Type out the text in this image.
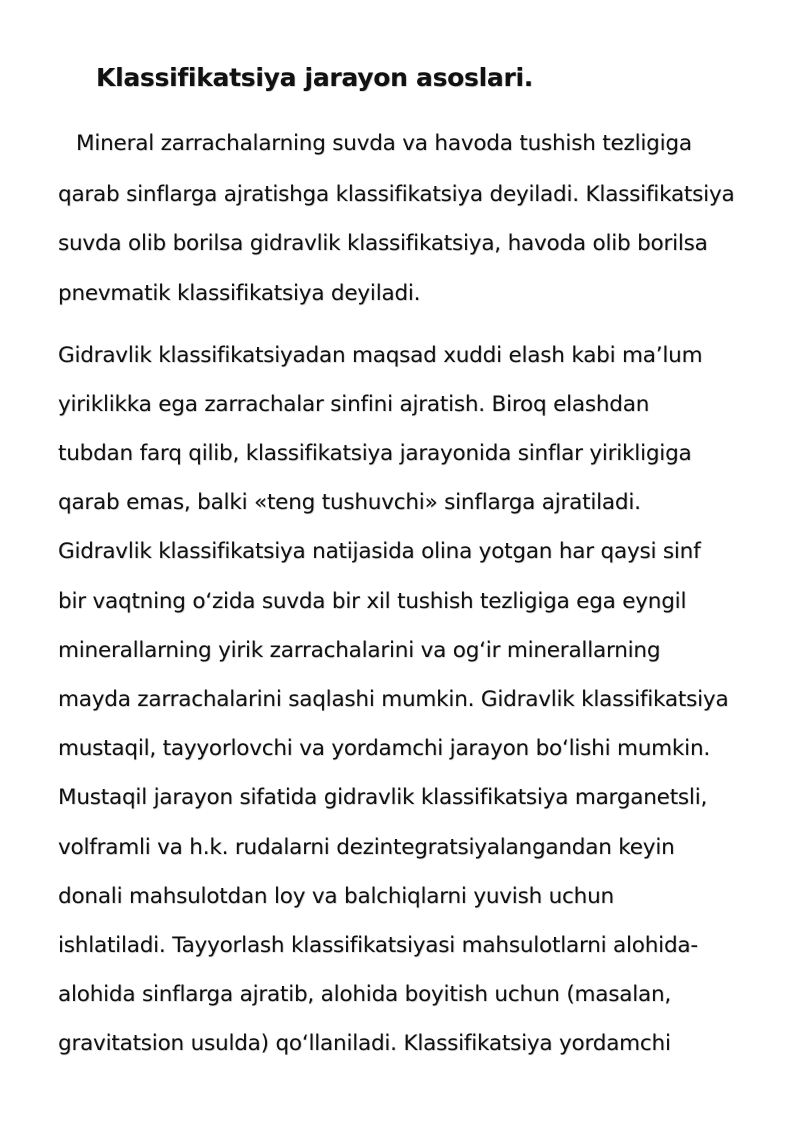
Klassifikatsiya jarayon asoslari.

Mineral zarrachalarning suvda va havoda tushish tezligiga

qarab sinflarga ajratishga klassifikatsiya deyiladi. Klassifikatsiya

suvda olib borilsa gidravlik klassifikatsiya, havoda olib borilsa

pnevmatik klassifikatsiya deyiladi.

Gidravlik klassifikatsiyadan maqsad xuddi elash kabi ma’lum

yiriklikka ega zarrachalar sinfini ajratish. Biroq elashdan

tubdan farq qilib, klassifikatsiya jarayonida sinflar yirikligiga

qarab emas, balki «teng tushuvchi» sinflarga ajratiladi.

Gidravlik klassifikatsiya natijasida olina yotgan har qaysi sinf

bir vaqtning o‘zida suvda bir xil tushish tezligiga ega eyngil

minerallarning yirik zarrachalarini va og‘ir minerallarning

mayda zarrachalarini saqlashi mumkin. Gidravlik klassifikatsiya

mustaqil, tayyorlovchi va yordamchi jarayon bo‘lishi mumkin.

Mustaqil jarayon sifatida gidravlik klassifikatsiya marganetsli,

volframli va h.k. rudalarni dezintegratsiyalangandan keyin

donali mahsulotdan loy va balchiqlarni yuvish uchun

ishlatiladi. Tayyorlash klassifikatsiyasi mahsulotlarni alohida-

alohida sinflarga ajratib, alohida boyitish uchun (masalan,

gravitatsion usulda) qo‘llaniladi. Klassifikatsiya yordamchi
